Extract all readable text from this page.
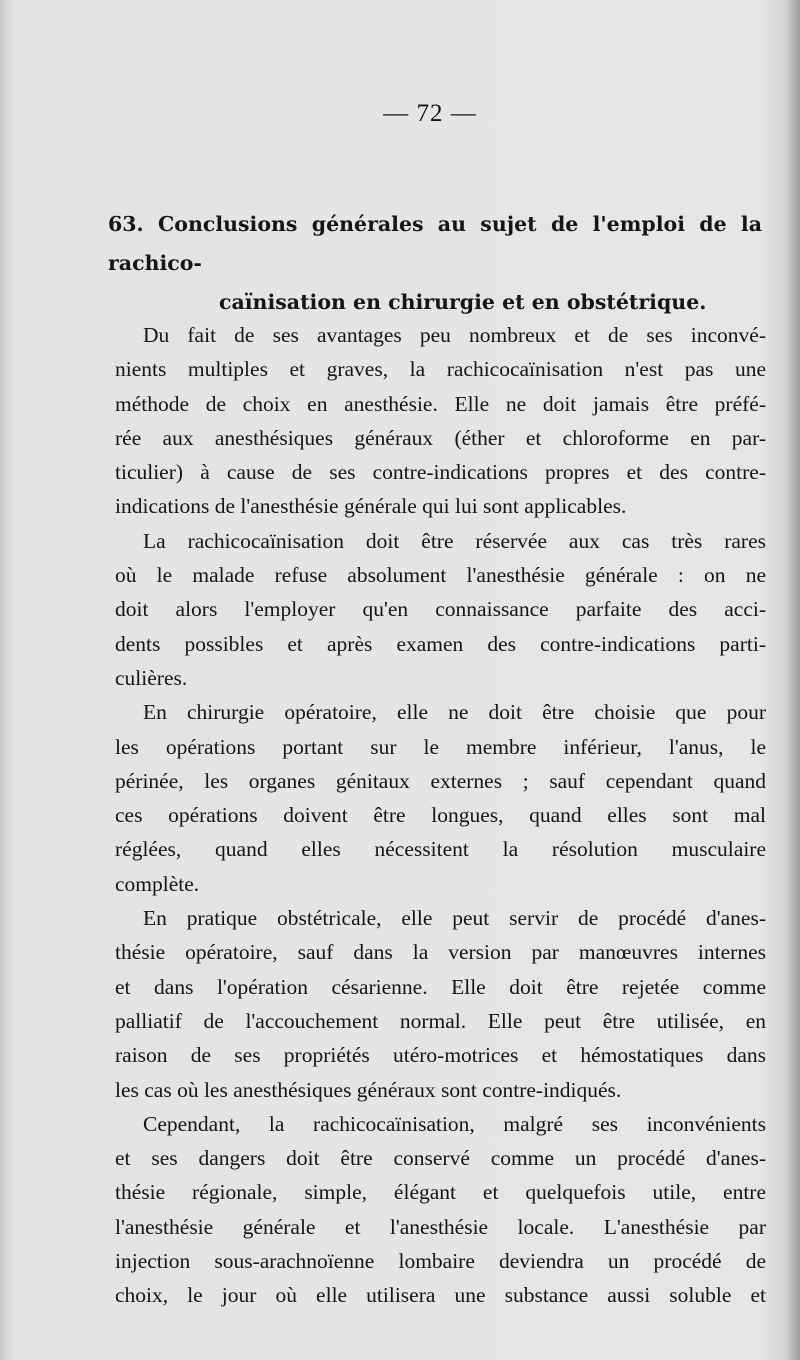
— 72 —
63. Conclusions générales au sujet de l'emploi de la rachico-
caïnisation en chirurgie et en obstétrique.

Du fait de ses avantages peu nombreux et de ses inconvé-
nients multiples et graves, la rachicocaïnisation n'est pas une
méthode de choix en anesthésie. Elle ne doit jamais être préfé-
rée aux anesthésiques généraux (éther et chloroforme en par-
ticulier) à cause de ses contre-indications propres et des contre-
indications de l'anesthésie générale qui lui sont applicables.

La rachicocaïnisation doit être réservée aux cas très rares
où le malade refuse absolument l'anesthésie générale : on ne
doit alors l'employer qu'en connaissance parfaite des acci-
dents possibles et après examen des contre-indications parti-
culières.

En chirurgie opératoire, elle ne doit être choisie que pour
les opérations portant sur le membre inférieur, l'anus, le
périnée, les organes génitaux externes ; sauf cependant quand
ces opérations doivent être longues, quand elles sont mal
réglées, quand elles nécessitent la résolution musculaire
complète.

En pratique obstétricale, elle peut servir de procédé d'anes-
thésie opératoire, sauf dans la version par manœuvres internes
et dans l'opération césarienne. Elle doit être rejetée comme
palliatif de l'accouchement normal. Elle peut être utilisée, en
raison de ses propriétés utéro-motrices et hémostatiques dans
les cas où les anesthésiques généraux sont contre-indiqués.

Cependant, la rachicocaïnisation, malgré ses inconvénients
et ses dangers doit être conservé comme un procédé d'anes-
thésie régionale, simple, élégant et quelquefois utile, entre
l'anesthésie générale et l'anesthésie locale. L'anesthésie par
injection sous-arachnoïenne lombaire deviendra un procédé de
choix, le jour où elle utilisera une substance aussi soluble et
